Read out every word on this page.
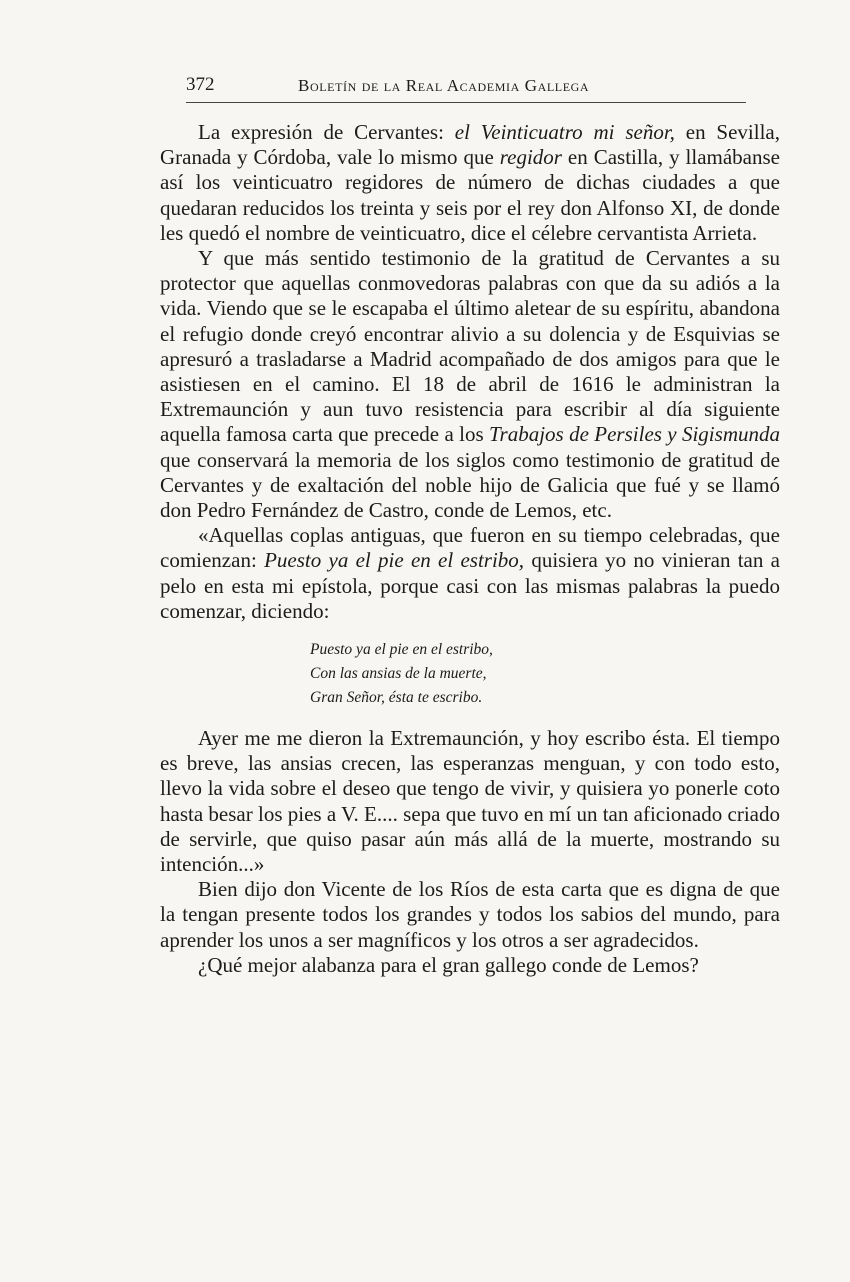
372	Boletín de la Real Academia Gallega

La expresión de Cervantes: el Veinticuatro mi señor, en Sevilla, Granada y Córdoba, vale lo mismo que regidor en Castilla, y llamábanse así los veinticuatro regidores de número de dichas ciudades a que quedaran reducidos los treinta y seis por el rey don Alfonso XI, de donde les quedó el nombre de veinticuatro, dice el célebre cervantista Arrieta.

Y que más sentido testimonio de la gratitud de Cervantes a su protector que aquellas conmovedoras palabras con que da su adiós a la vida. Viendo que se le escapaba el último aletear de su espíritu, abandona el refugio donde creyó encontrar alivio a su dolencia y de Esquivias se apresuró a trasladarse a Madrid acompañado de dos amigos para que le asistiesen en el camino. El 18 de abril de 1616 le administran la Extremaunción y aun tuvo resistencia para escribir al día siguiente aquella famosa carta que precede a los Trabajos de Persiles y Sigismunda que conservará la memoria de los siglos como testimonio de gratitud de Cervantes y de exaltación del noble hijo de Galicia que fué y se llamó don Pedro Fernández de Castro, conde de Lemos, etc.

«Aquellas coplas antiguas, que fueron en su tiempo celebradas, que comienzan: Puesto ya el pie en el estribo, quisiera yo no vinieran tan a pelo en esta mi epístola, porque casi con las mismas palabras la puedo comenzar, diciendo:

Puesto ya el pie en el estribo,
Con las ansias de la muerte,
Gran Señor, ésta te escribo.

Ayer me me dieron la Extremaunción, y hoy escribo ésta. El tiempo es breve, las ansias crecen, las esperanzas menguan, y con todo esto, llevo la vida sobre el deseo que tengo de vivir, y quisiera yo ponerle coto hasta besar los pies a V. E.... sepa que tuvo en mí un tan aficionado criado de servirle, que quiso pasar aún más allá de la muerte, mostrando su intención...»

Bien dijo don Vicente de los Ríos de esta carta que es digna de que la tengan presente todos los grandes y todos los sabios del mundo, para aprender los unos a ser magníficos y los otros a ser agradecidos.

¿Qué mejor alabanza para el gran gallego conde de Lemos?
